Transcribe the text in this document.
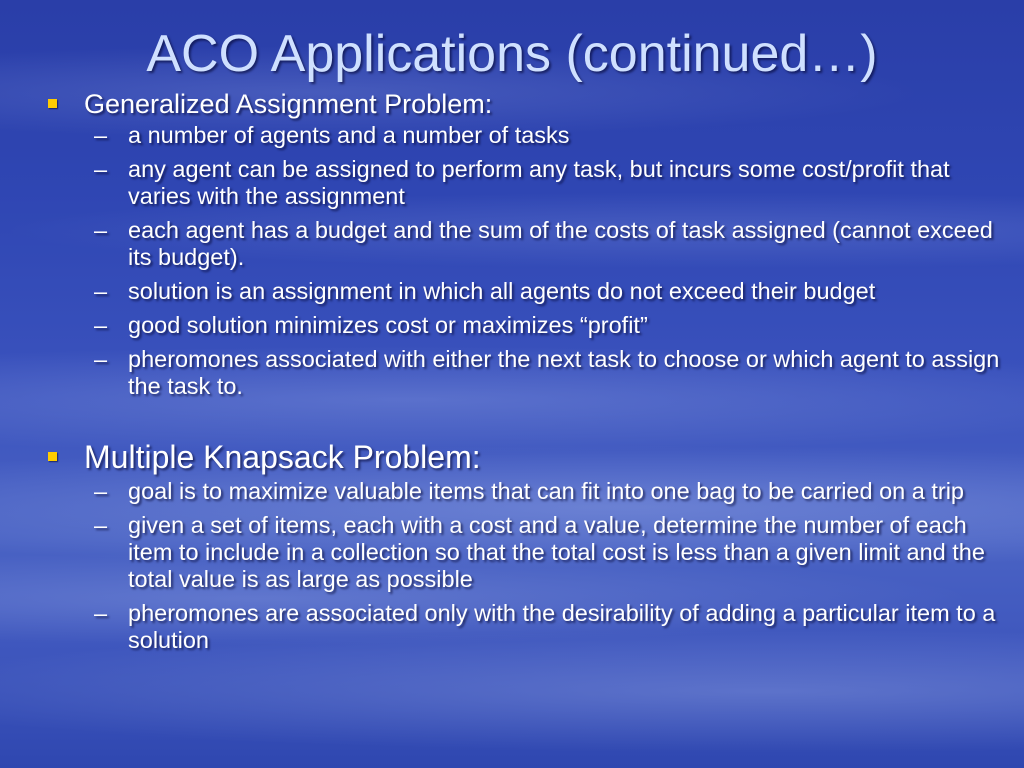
ACO Applications (continued…)

Generalized Assignment Problem:

– a number of agents and a number of tasks
– any agent can be assigned to perform any task, but incurs some cost/profit that varies with the assignment
– each agent has a budget and the sum of the costs of task assigned (cannot exceed its budget).
– solution is an assignment in which all agents do not exceed their budget
– good solution minimizes cost or maximizes “profit”
– pheromones associated with either the next task to choose or which agent to assign the task to.

Multiple Knapsack Problem:

– goal is to maximize valuable items that can fit into one bag to be carried on a trip
– given a set of items, each with a cost and a value, determine the number of each item to include in a collection so that the total cost is less than a given limit and the total value is as large as possible
– pheromones are associated only with the desirability of adding a particular item to a solution
